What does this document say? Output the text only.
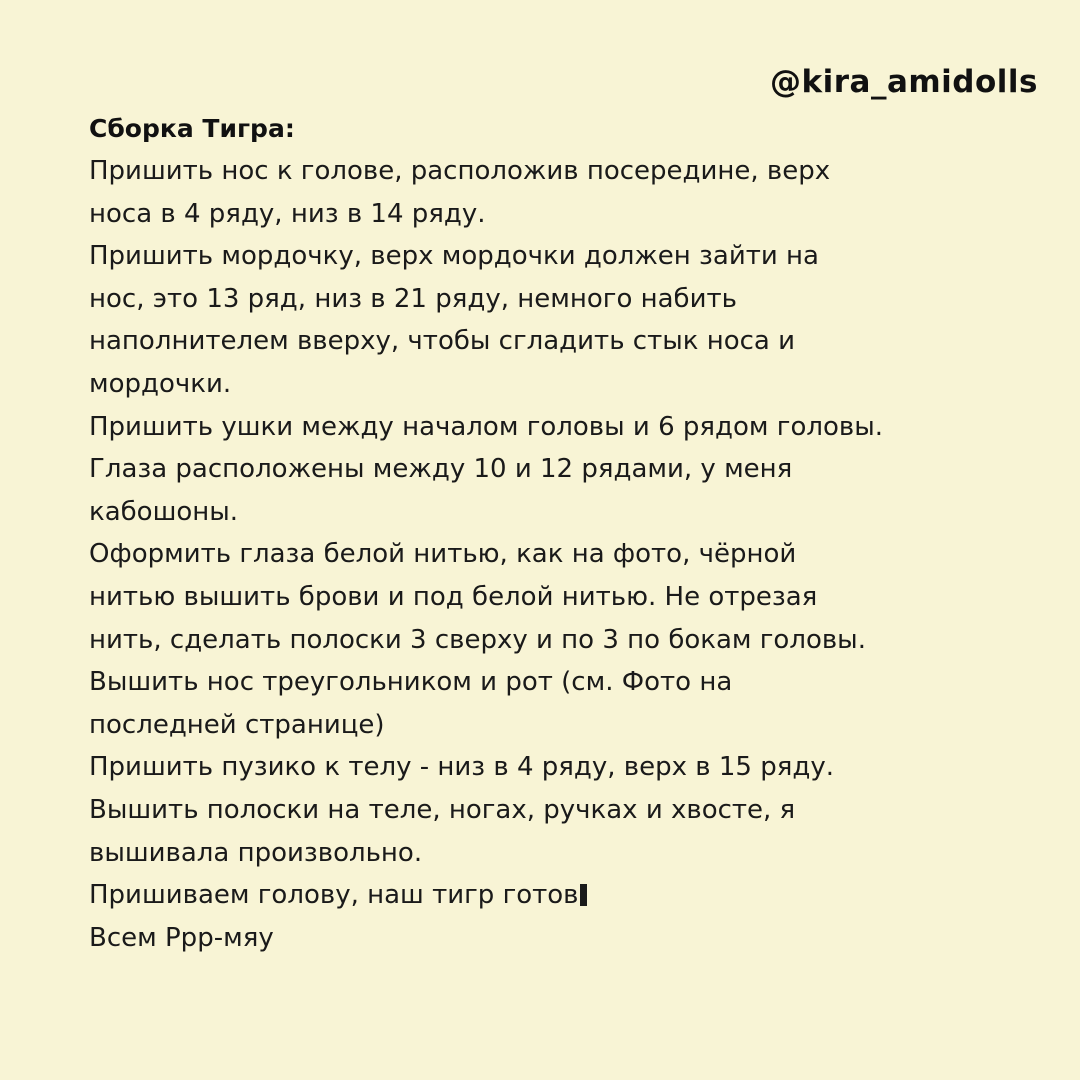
@kira_amidolls
Сборка Тигра:
Пришить нос к голове, расположив посередине, верх
носа в 4 ряду, низ в 14 ряду.
Пришить мордочку, верх мордочки должен зайти на
нос, это 13 ряд, низ в 21 ряду, немного набить
наполнителем вверху, чтобы сгладить стык носа и
мордочки.
Пришить ушки между началом головы и 6 рядом головы.
Глаза расположены между 10 и 12 рядами, у меня
кабошоны.
Оформить глаза белой нитью, как на фото, чёрной
нитью вышить брови и под белой нитью. Не отрезая
нить, сделать полоски 3 сверху и по 3 по бокам головы.
Вышить нос треугольником и рот (см. Фото на
последней странице)
Пришить пузико к телу - низ в 4 ряду, верх в 15 ряду.
Вышить полоски на теле, ногах, ручках и хвосте, я
вышивала произвольно.
Пришиваем голову, наш тигр готов
Всем Ррр-мяу
